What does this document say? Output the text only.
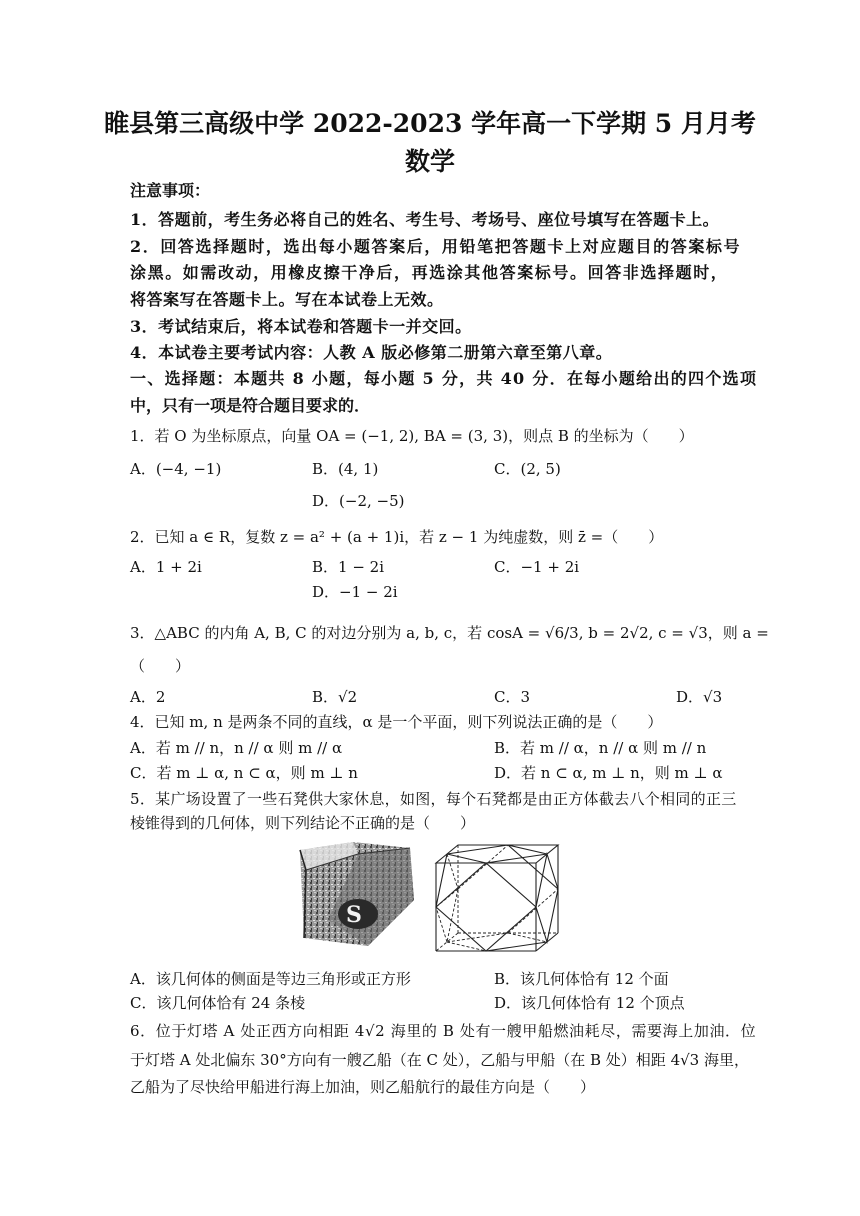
睢县第三高级中学 2022-2023 学年高一下学期 5 月月考
数学
注意事项：
1．答题前，考生务必将自己的姓名、考生号、考场号、座位号填写在答题卡上。
2．回答选择题时，选出每小题答案后，用铅笔把答题卡上对应题目的答案标号
涂黑。如需改动，用橡皮擦干净后，再选涂其他答案标号。回答非选择题时，
将答案写在答题卡上。写在本试卷上无效。
3．考试结束后，将本试卷和答题卡一并交回。
4．本试卷主要考试内容：人教 A 版必修第二册第六章至第八章。
一、选择题：本题共 8 小题，每小题 5 分，共 40 分．在每小题给出的四个选项
中，只有一项是符合题目要求的．
1．若 O 为坐标原点，向量 OA = (−1, 2), BA = (3, 3)，则点 B 的坐标为（　　）
A．(−4, −1)	B．(4, 1)	C．(2, 5)
D．(−2, −5)
2．已知 a ∈ R，复数 z = a² + (a + 1)i，若 z − 1 为纯虚数，则 z̄ =（　　）
A．1 + 2i	B．1 − 2i	C．−1 + 2i
D．−1 − 2i
3．△ABC 的内角 A, B, C 的对边分别为 a, b, c，若 cosA = √6/3, b = 2√2, c = √3，则 a =
（　　）
A．2	B．√2	C．3	D．√3
4．已知 m, n 是两条不同的直线，α 是一个平面，则下列说法正确的是（　　）
A．若 m // n，n // α 则 m // α	B．若 m // α，n // α 则 m // n
C．若 m ⊥ α, n ⊂ α，则 m ⊥ n	D．若 n ⊂ α, m ⊥ n，则 m ⊥ α
5．某广场设置了一些石凳供大家休息，如图，每个石凳都是由正方体截去八个相同的正三
棱锥得到的几何体，则下列结论不正确的是（　　）
S
A．该几何体的侧面是等边三角形或正方形	B．该几何体恰有 12 个面
C．该几何体恰有 24 条棱	D．该几何体恰有 12 个顶点
6．位于灯塔 A 处正西方向相距 4√2 海里的 B 处有一艘甲船燃油耗尽，需要海上加油．位
于灯塔 A 处北偏东 30°方向有一艘乙船（在 C 处），乙船与甲船（在 B 处）相距 4√3 海里，
乙船为了尽快给甲船进行海上加油，则乙船航行的最佳方向是（　　）
